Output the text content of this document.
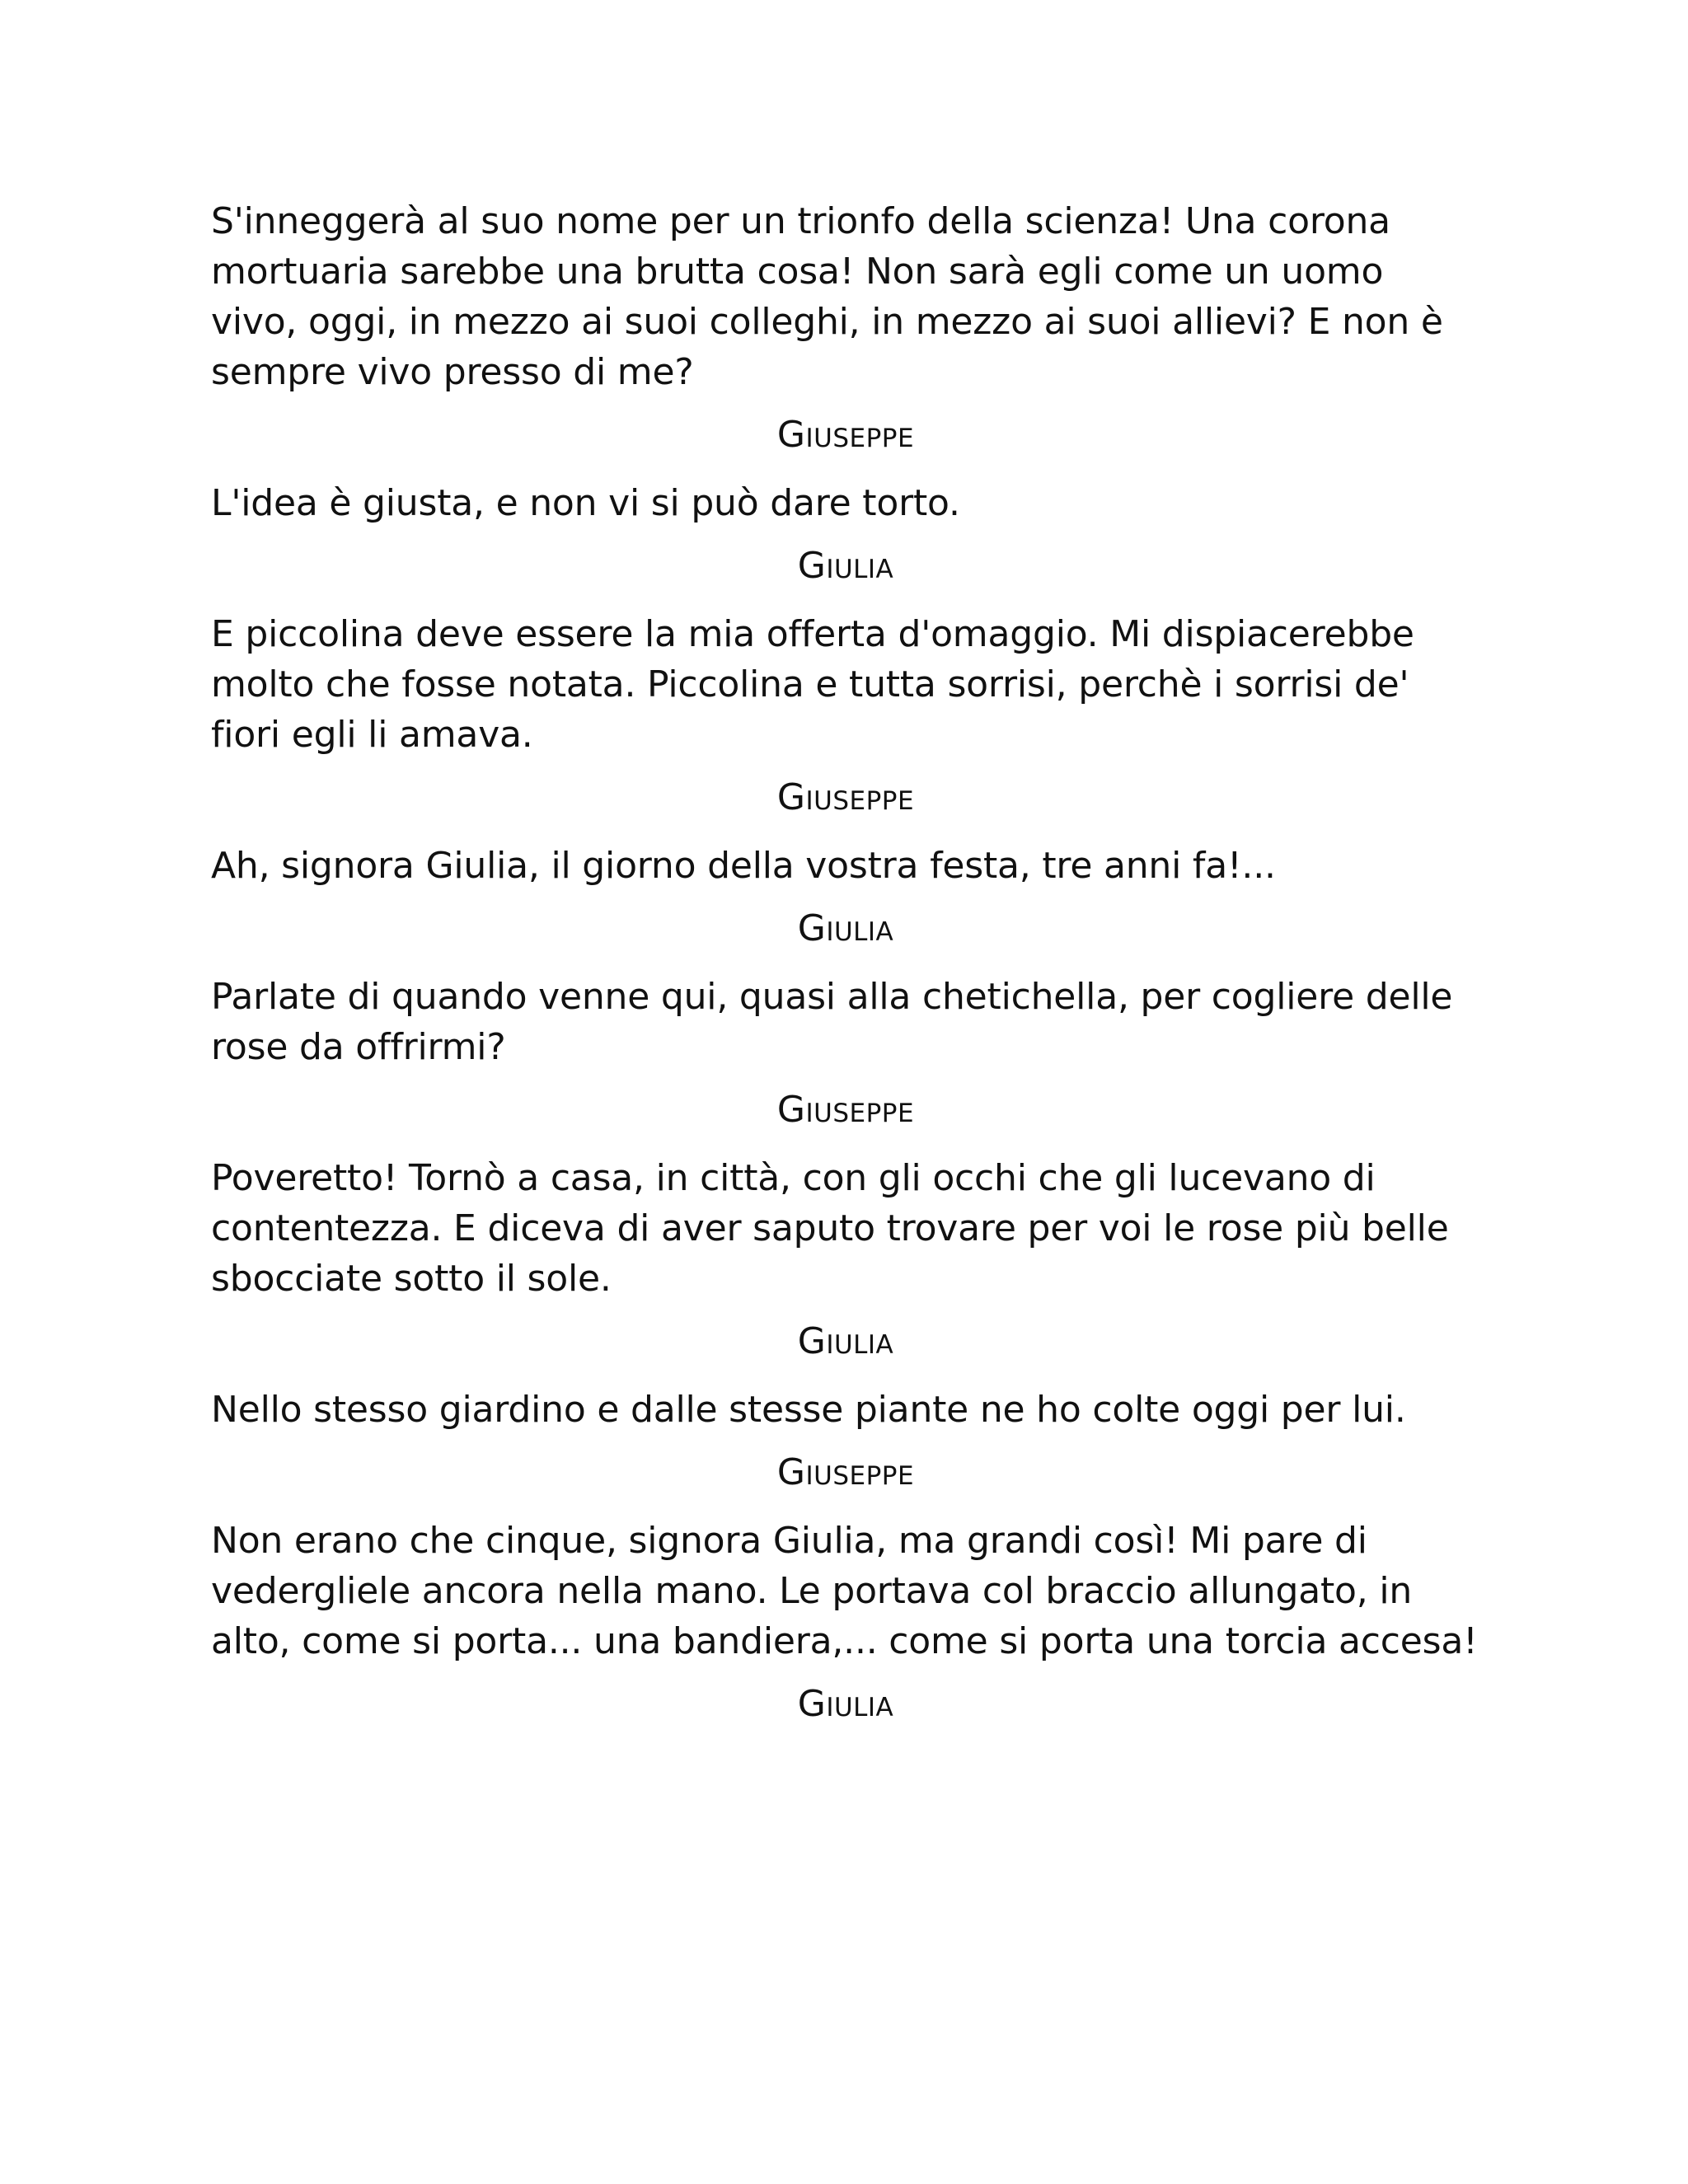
S'inneggerà al suo nome per un trionfo della scienza! Una corona mortuaria sarebbe una brutta cosa! Non sarà egli come un uomo vivo, oggi, in mezzo ai suoi colleghi, in mezzo ai suoi allievi? E non è sempre vivo presso di me?

Giuseppe

L'idea è giusta, e non vi si può dare torto.

Giulia

E piccolina deve essere la mia offerta d'omaggio. Mi dispiacerebbe molto che fosse notata. Piccolina e tutta sorrisi, perchè i sorrisi de' fiori egli li amava.

Giuseppe

Ah, signora Giulia, il giorno della vostra festa, tre anni fa!...

Giulia

Parlate di quando venne qui, quasi alla chetichella, per cogliere delle rose da offrirmi?

Giuseppe

Poveretto! Tornò a casa, in città, con gli occhi che gli lucevano di contentezza. E diceva di aver saputo trovare per voi le rose più belle sbocciate sotto il sole.

Giulia

Nello stesso giardino e dalle stesse piante ne ho colte oggi per lui.

Giuseppe

Non erano che cinque, signora Giulia, ma grandi così! Mi pare di vedergliele ancora nella mano. Le portava col braccio allungato, in alto, come si porta... una bandiera,... come si porta una torcia accesa!

Giulia
